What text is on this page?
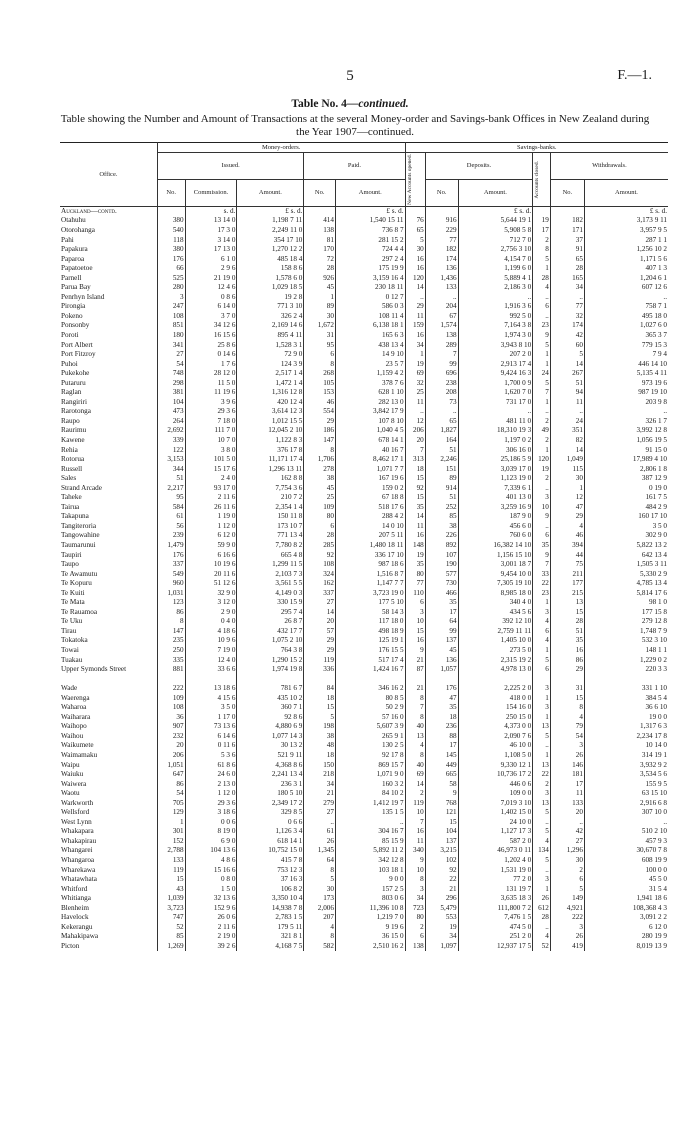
5	F.—1.
Table No. 4—continued.
Table showing the Number and Amount of Transactions at the several Money-order and Savings-bank Offices in New Zealand during the Year 1907—continued.
Office.	Money-orders.					Savings-banks.					
	Issued.			Paid.		New Accounts opened.	Deposits.		Accounts closed.	Withdrawals.	
	No.	Commission.	Amount.	No.	Amount.		No.	Amount.		No.	Amount.
Auckland—contd.		s. d.	£ s. d.		£ s. d.			£ s. d.			£ s. d.
Otahuhu	380	13 14 0	1,198 7 11	414	1,540 15 11	76	916	5,644 19 1	19	182	3,173 9 11
Otorohanga	540	17 3 0	2,249 11 0	138	736 8 7	65	229	5,908 5 8	17	171	3,957 9 5
Pahi	118	3 14 0	354 17 10	81	281 15 2	5	77	712 7 0	2	37	287 1 1
Papakura	380	17 13 0	1,270 12 2	170	724 4 4	30	182	2,756 3 10	8	91	1,256 10 2
Paparoa	176	6 1 0	485 18 4	72	297 2 4	16	174	4,154 7 0	5	65	1,171 5 6
Papatoetoe	66	2 9 6	158 8 6	28	175 19 9	16	136	1,199 6 0	1	28	407 1 3
Parnell	525	21 19 0	1,578 6 0	926	3,159 16 4	120	1,436	5,889 4 1	28	165	1,204 6 1
Parua Bay	280	12 4 6	1,029 18 5	45	230 18 11	14	133	2,186 3 0	4	34	607 12 6
Penrhyn Island	3	0 8 6	19 2 8	1	0 12 7	..	..	..	..	..	..
Pirongia	247	6 14 0	771 3 10	89	586 0 3	29	204	1,916 3 6	6	77	758 7 1
Pokeno	108	3 7 0	326 2 4	30	108 11 4	11	67	992 5 0	..	32	495 18 0
Ponsonby	851	34 12 6	2,169 14 6	1,672	6,138 18 1	159	1,574	7,164 3 8	23	174	1,027 6 0
Poroti	180	16 15 6	895 4 11	31	165 6 3	16	138	1,974 3 0	9	42	365 3 7
Port Albert	341	25 8 6	1,528 3 1	95	438 13 4	34	289	3,943 8 10	5	60	779 15 3
Port Fitzroy	27	0 14 6	72 9 0	6	14 9 10	1	7	207 2 0	1	5	7 9 4
Puhoi	54	1 7 6	124 3 9	8	23 5 7	19	99	2,913 17 4	1	14	446 14 10
Pukekohe	748	28 12 0	2,517 1 4	268	1,159 4 2	69	696	9,424 16 3	24	267	5,135 4 11
Putaruru	298	11 5 0	1,472 1 4	105	378 7 6	32	238	1,700 0 9	5	51	973 19 6
Raglan	381	11 19 6	1,316 12 8	153	628 1 10	25	208	1,620 7 0	7	94	987 19 10
Rangiriri	104	3 9 6	420 12 4	46	282 13 0	11	73	731 17 0	1	11	203 9 8
Rarotonga	473	29 3 6	3,614 12 3	554	3,842 17 9	..	..	..	..	..	..
Raupo	264	7 18 0	1,012 15 5	29	107 8 10	12	65	481 11 0	2	24	326 1 7
Raurimu	2,692	111 7 0	12,045 2 10	186	1,040 4 5	206	1,827	18,310 19 3	49	351	3,992 12 8
Kawene	339	10 7 0	1,122 8 3	147	678 14 1	20	164	1,197 0 2	2	82	1,056 19 5
Rehia	122	3 8 0	376 17 8	8	40 16 7	7	51	306 16 0	1	14	91 15 0
Rotorua	3,153	101 5 0	11,171 17 4	1,706	8,462 17 1	313	2,246	25,186 5 9	120	1,049	17,989 4 10
Russell	344	15 17 6	1,296 13 11	278	1,071 7 7	18	151	3,039 17 0	19	115	2,806 1 8
Sales	51	2 4 0	162 8 8	38	167 19 6	15	89	1,123 19 0	2	30	387 12 9
Strand Arcade	2,217	93 17 0	7,754 3 6	45	159 0 2	92	914	7,339 6 1	..	1	0 19 0
Taheke	95	2 11 6	210 7 2	25	67 18 8	15	51	401 13 0	3	12	161 7 5
Tairua	584	26 11 6	2,354 1 4	109	518 17 6	35	252	3,259 16 9	10	47	484 2 9
Takapuna	61	1 19 0	150 11 8	80	288 4 2	14	85	187 9 0	9	29	160 17 10
Tangiteroria	56	1 12 0	173 10 7	6	14 0 10	11	38	456 6 0	..	4	3 5 0
Tangowahine	239	6 12 0	771 13 4	28	207 5 11	16	226	760 6 0	6	46	302 9 0
Taumarunui	1,479	59 9 0	7,780 8 2	285	1,480 18 11	148	892	16,382 14 10	35	394	5,822 13 2
Taupiri	176	6 16 6	665 4 8	92	336 17 10	19	107	1,156 15 10	9	44	642 13 4
Taupo	337	10 19 6	1,299 11 5	108	987 18 6	35	190	3,001 18 7	7	75	1,505 3 11
Te Awamutu	549	20 11 6	2,103 7 3	324	1,516 8 7	80	577	9,454 10 0	33	211	5,330 2 9
Te Kopuru	960	51 12 6	3,561 5 5	162	1,147 7 7	77	730	7,305 19 10	22	177	4,785 13 4
Te Kuiti	1,031	32 9 0	4,149 0 3	337	3,723 19 0	110	466	8,985 18 0	23	215	5,814 17 6
Te Mata	123	3 12 0	330 15 9	27	177 5 10	6	35	340 4 0	1	13	98 1 0
Te Rauamoa	86	2 9 0	295 7 4	14	58 14 3	3	17	434 5 6	3	15	177 15 8
Te Uku	8	0 4 0	26 8 7	20	117 18 0	10	64	392 12 10	4	28	279 12 8
Tirau	147	4 18 6	432 17 7	57	498 18 9	15	99	2,759 11 11	6	51	1,748 7 9
Tokatoka	235	10 9 6	1,075 2 10	29	125 19 1	16	137	1,405 10 0	4	35	532 3 10
Towai	250	7 19 0	764 3 8	29	176 15 5	9	45	273 5 0	1	16	148 1 1
Tuakau	335	12 4 0	1,290 15 2	119	517 17 4	21	136	2,315 19 2	5	86	1,229 0 2
Upper Symonds Street	881	33 6 6	1,974 19 8	336	1,424 16 7	87	1,057	4,978 13 0	6	29	220 3 3
Wade	222	13 18 6	781 6 7	84	346 16 2	21	176	2,225 2 0	3	31	331 1 10
Waerenga	109	4 15 6	435 10 2	18	80 8 5	8	47	418 0 0	1	15	384 5 4
Waharoa	108	3 5 0	360 7 1	15	50 2 9	7	35	154 16 0	3	8	36 6 10
Waiharara	36	1 17 0	92 8 6	5	57 16 0	8	18	250 15 0	1	4	19 0 0
Waihopo	907	73 13 6	4,880 6 9	198	5,607 3 9	40	236	4,373 0 0	13	79	1,317 6 3
Waihou	232	6 14 6	1,077 14 3	38	265 9 1	13	88	2,090 7 6	5	54	2,234 17 8
Waikumete	20	0 11 6	30 13 2	48	130 2 5	4	17	46 10 0	..	3	10 14 0
Waimamaku	206	5 3 6	521 9 11	18	92 17 8	8	145	1,108 5 0	1	26	314 19 1
Waipu	1,051	61 8 6	4,368 8 6	150	869 15 7	40	449	9,330 12 1	13	146	3,932 9 2
Waiuku	647	24 6 0	2,241 13 4	218	1,071 9 0	69	665	10,736 17 2	22	181	3,534 5 6
Waiwera	86	2 13 0	236 3 1	34	160 3 2	14	58	446 0 6	2	17	155 9 5
Waotu	54	1 12 0	180 5 10	21	84 10 2	2	9	109 0 0	3	11	63 15 10
Warkworth	705	29 3 6	2,349 17 2	279	1,412 19 7	119	768	7,019 3 10	13	133	2,916 6 8
Wellsford	129	3 18 6	329 8 5	27	135 1 5	10	121	1,402 15 0	5	20	307 10 0
West Lynn	1	0 0 6	0 6 6	..	..	7	15	24 10 0	..	..	..
Whakapara	301	8 19 0	1,126 3 4	61	304 16 7	16	104	1,127 17 3	5	42	510 2 10
Whakapirau	152	6 9 0	618 14 1	26	85 15 9	11	137	587 2 0	4	27	457 9 3
Whangarei	2,788	104 13 6	10,752 15 0	1,345	5,892 11 2	340	3,215	46,973 0 11	134	1,296	30,670 7 8
Whangaroa	133	4 8 6	415 7 8	64	342 12 8	9	102	1,202 4 0	5	30	608 19 9
Wharekawa	119	15 16 6	753 12 3	8	103 18 1	10	92	1,531 19 0	..	2	100 0 0
Whatawhata	15	0 8 0	37 16 3	5	9 0 0	8	22	77 2 0	3	6	45 5 0
Whitford	43	1 5 0	106 8 2	30	157 2 5	3	21	131 19 7	1	5	31 5 4
Whitianga	1,039	32 13 6	3,350 10 4	173	803 0 6	34	296	3,635 18 3	26	149	1,941 18 6
Blenheim	3,723	152 9 6	14,938 7 8	2,006	11,396 10 8	723	5,479	111,800 7 2	612	4,921	108,368 4 3
Havelock	747	26 0 6	2,783 1 5	207	1,219 7 0	80	553	7,476 1 5	28	222	3,091 2 2
Kekerangu	52	2 11 6	179 5 11	4	9 19 6	2	19	474 5 0	..	3	6 12 0
Mahakipawa	85	2 19 0	321 8 1	8	36 15 0	6	34	251 2 0	4	26	280 19 9
Picton	1,269	39 2 6	4,168 7 5	582	2,510 16 2	138	1,097	12,937 17 5	52	419	8,019 13 9
